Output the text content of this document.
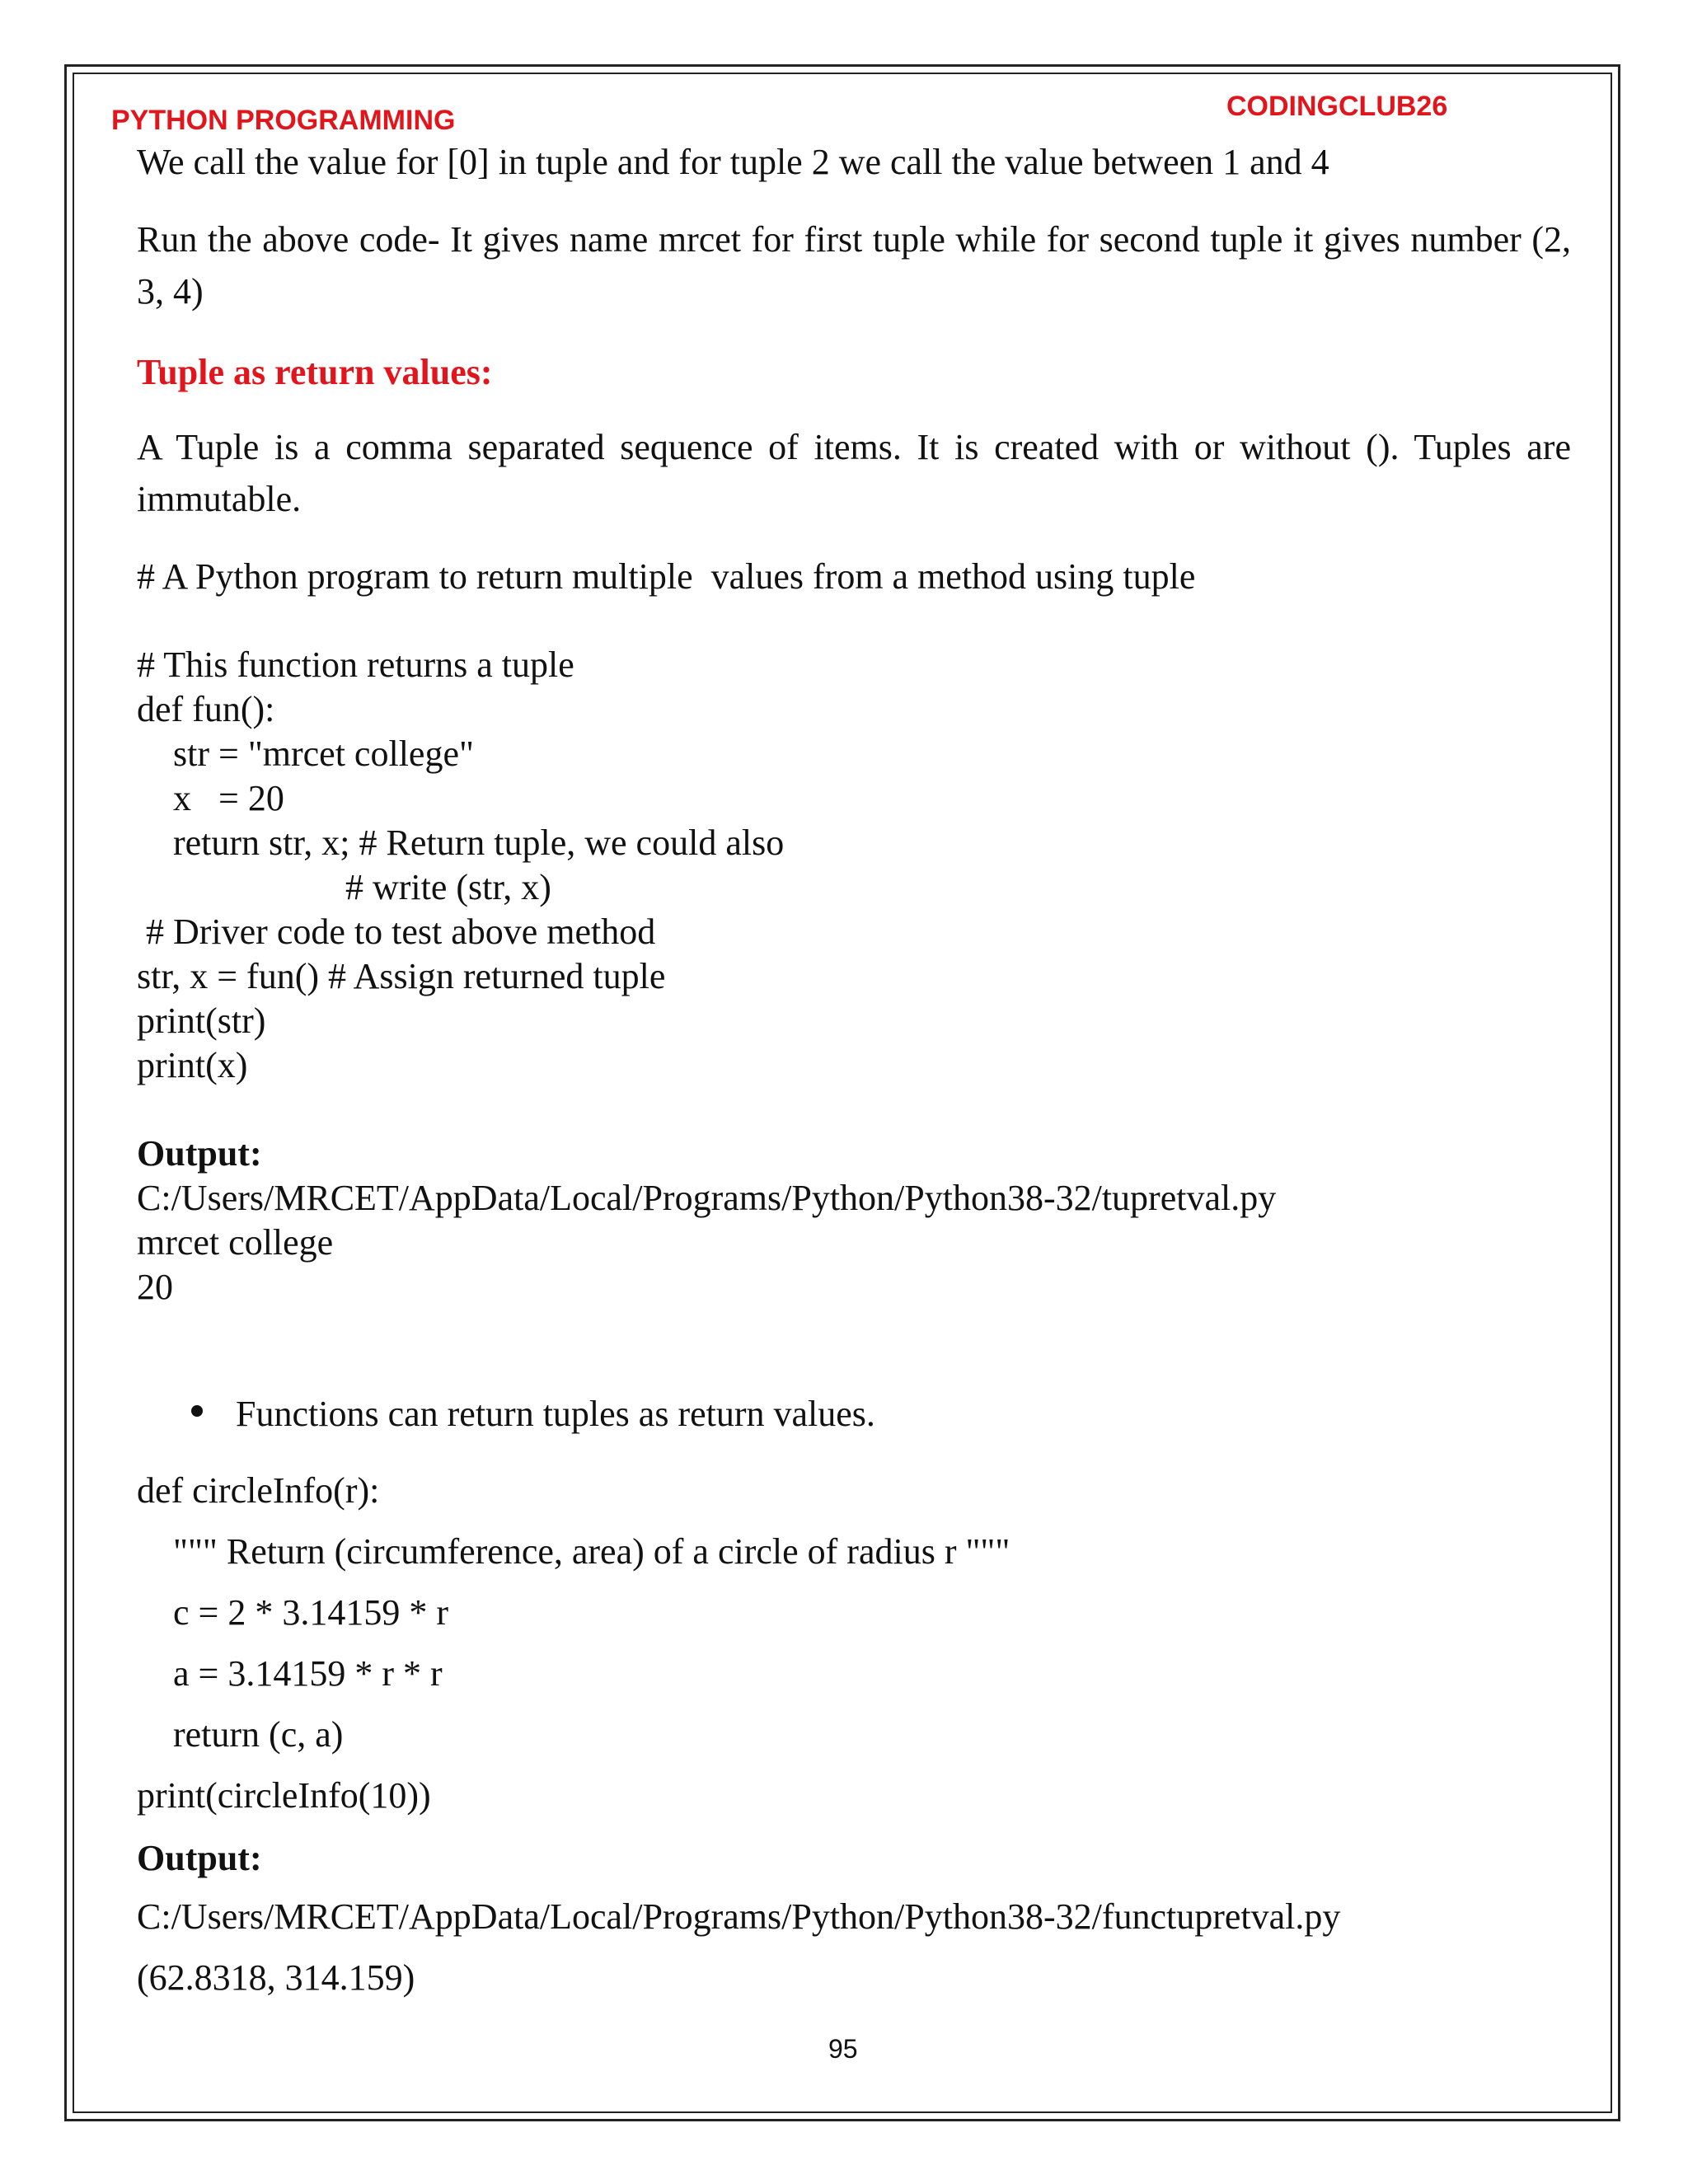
PYTHON PROGRAMMING	CODINGCLUB26
We call the value for [0] in tuple and for tuple 2 we call the value between 1 and 4
Run the above code- It gives name mrcet for first tuple while for second tuple it gives number (2, 3, 4)
Tuple as return values:
A Tuple is a comma separated sequence of items. It is created with or without (). Tuples are immutable.
# A Python program to return multiple  values from a method using tuple
# This function returns a tuple
def fun():
str = "mrcet college"
x   = 20
return str, x; # Return tuple, we could also
# write (str, x)
# Driver code to test above method
str, x = fun() # Assign returned tuple
print(str)
print(x)
Output:
C:/Users/MRCET/AppData/Local/Programs/Python/Python38-32/tupretval.py
mrcet college
20
Functions can return tuples as return values.
def circleInfo(r):
""" Return (circumference, area) of a circle of radius r """
c = 2 * 3.14159 * r
a = 3.14159 * r * r
return (c, a)
print(circleInfo(10))
Output:
C:/Users/MRCET/AppData/Local/Programs/Python/Python38-32/functupretval.py
(62.8318, 314.159)
95
